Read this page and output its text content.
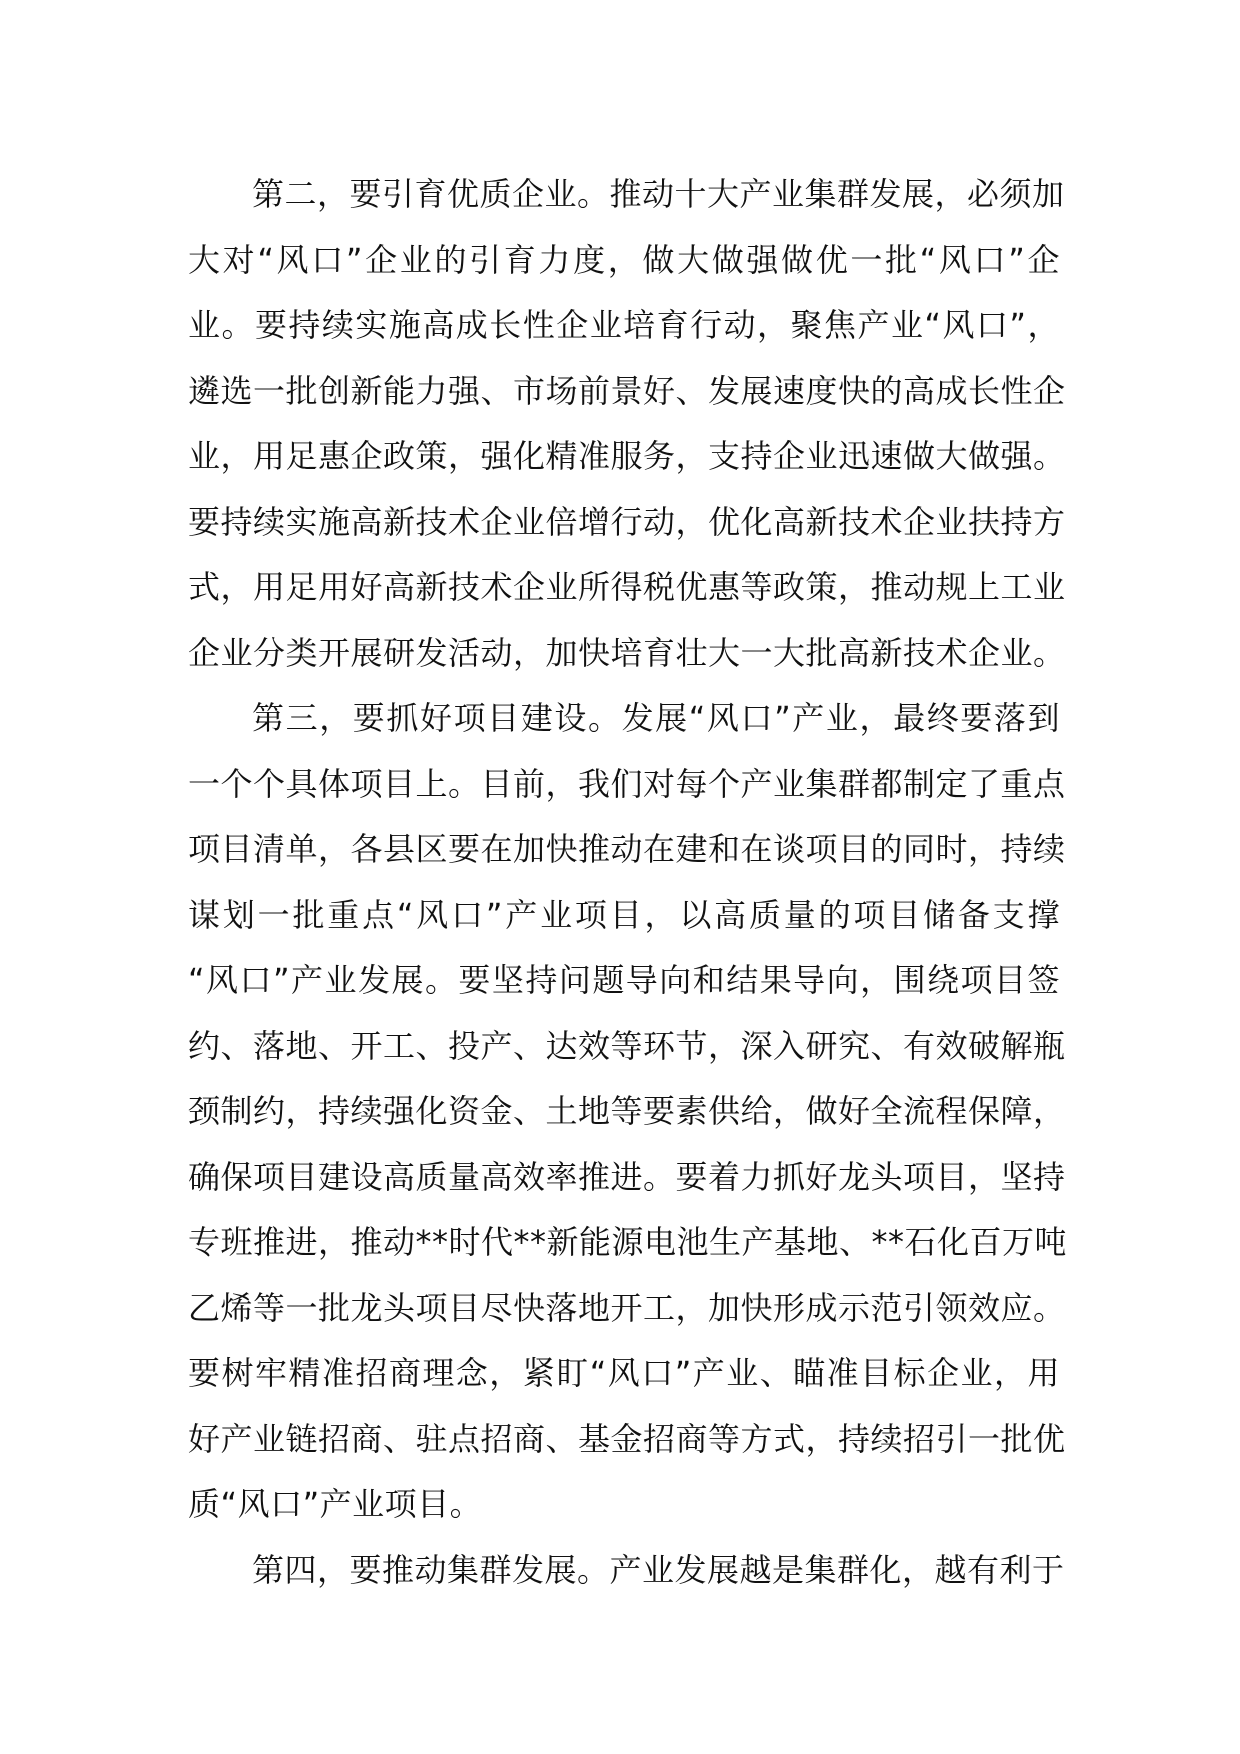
第二，要引育优质企业。推动十大产业集群发展，必须加
大对“风口”企业的引育力度，做大做强做优一批“风口”企
业。要持续实施高成长性企业培育行动，聚焦产业“风口”，
遴选一批创新能力强、市场前景好、发展速度快的高成长性企
业，用足惠企政策，强化精准服务，支持企业迅速做大做强。
要持续实施高新技术企业倍增行动，优化高新技术企业扶持方
式，用足用好高新技术企业所得税优惠等政策，推动规上工业
企业分类开展研发活动，加快培育壮大一大批高新技术企业。
第三，要抓好项目建设。发展“风口”产业，最终要落到
一个个具体项目上。目前，我们对每个产业集群都制定了重点
项目清单，各县区要在加快推动在建和在谈项目的同时，持续
谋划一批重点“风口”产业项目，以高质量的项目储备支撑
“风口”产业发展。要坚持问题导向和结果导向，围绕项目签
约、落地、开工、投产、达效等环节，深入研究、有效破解瓶
颈制约，持续强化资金、土地等要素供给，做好全流程保障，
确保项目建设高质量高效率推进。要着力抓好龙头项目，坚持
专班推进，推动**时代**新能源电池生产基地、**石化百万吨
乙烯等一批龙头项目尽快落地开工，加快形成示范引领效应。
要树牢精准招商理念，紧盯“风口”产业、瞄准目标企业，用
好产业链招商、驻点招商、基金招商等方式，持续招引一批优
质“风口”产业项目。
第四，要推动集群发展。产业发展越是集群化，越有利于
